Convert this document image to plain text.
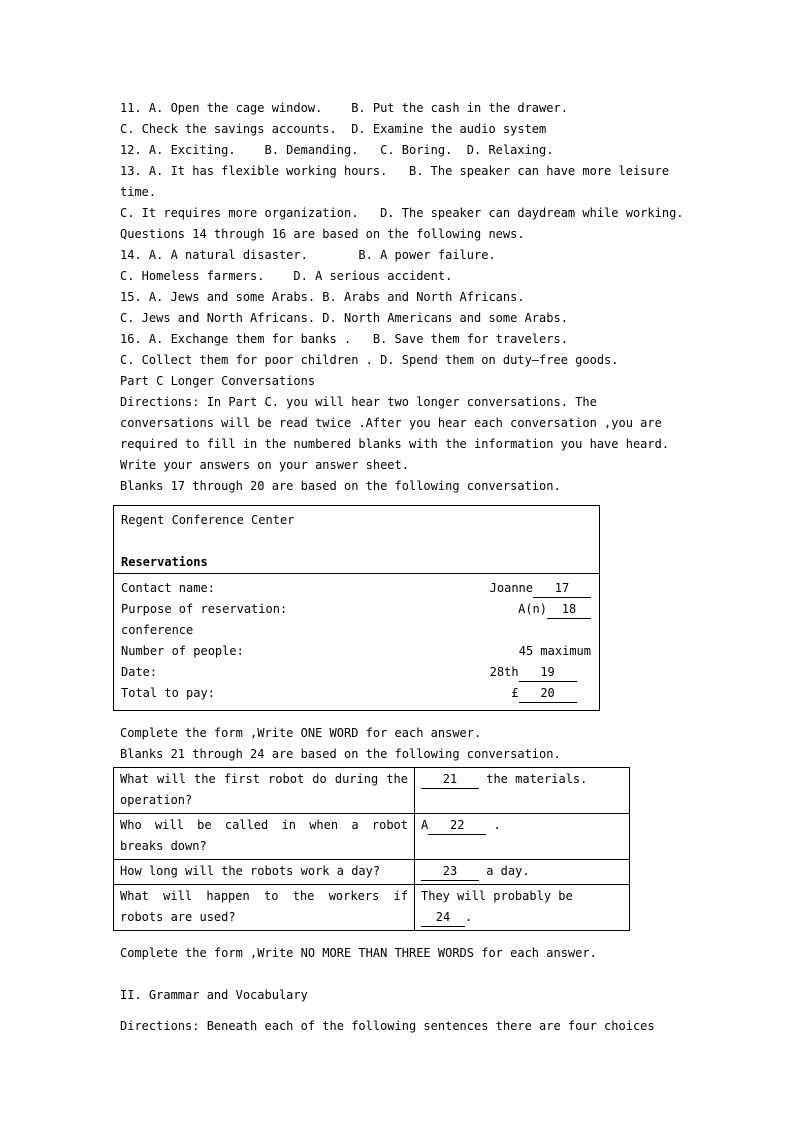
11. A. Open the cage window.    B. Put the cash in the drawer.
C. Check the savings accounts.  D. Examine the audio system
12. A. Exciting.    B. Demanding.   C. Boring.  D. Relaxing.
13. A. It has flexible working hours.   B. The speaker can have more leisure
time.
C. It requires more organization.   D. The speaker can daydream while working.
Questions 14 through 16 are based on the following news.
14. A. A natural disaster.       B. A power failure.
C. Homeless farmers.    D. A serious accident.
15. A. Jews and some Arabs. B. Arabs and North Africans.
C. Jews and North Africans. D. North Americans and some Arabs.
16. A. Exchange them for banks .   B. Save them for travelers.
C. Collect them for poor children . D. Spend them on duty—free goods.
Part C Longer Conversations
Directions: In Part C. you will hear two longer conversations. The
conversations will be read twice .After you hear each conversation ,you are
required to fill in the numbered blanks with the information you have heard.
Write your answers on your answer sheet.
Blanks 17 through 20 are based on the following conversation.
Regent Conference Center
Reservations
Contact name:	Joanne 17
Purpose of reservation:	A(n) 18
conference
Number of people:	45 maximum
Date:	28th 19
Total to pay:	£ 20
Complete the form ,Write ONE WORD for each answer.
Blanks 21 through 24 are based on the following conversation.
What will the first robot do during the operation?	21 the materials.
Who will be called in when a robot breaks down?	A 22 .
How long will the robots work a day?	23 a day.
What will happen to the workers if robots are used?	They will probably be 24 .
Complete the form ,Write NO MORE THAN THREE WORDS for each answer.
II. Grammar and Vocabulary
Directions: Beneath each of the following sentences there are four choices
